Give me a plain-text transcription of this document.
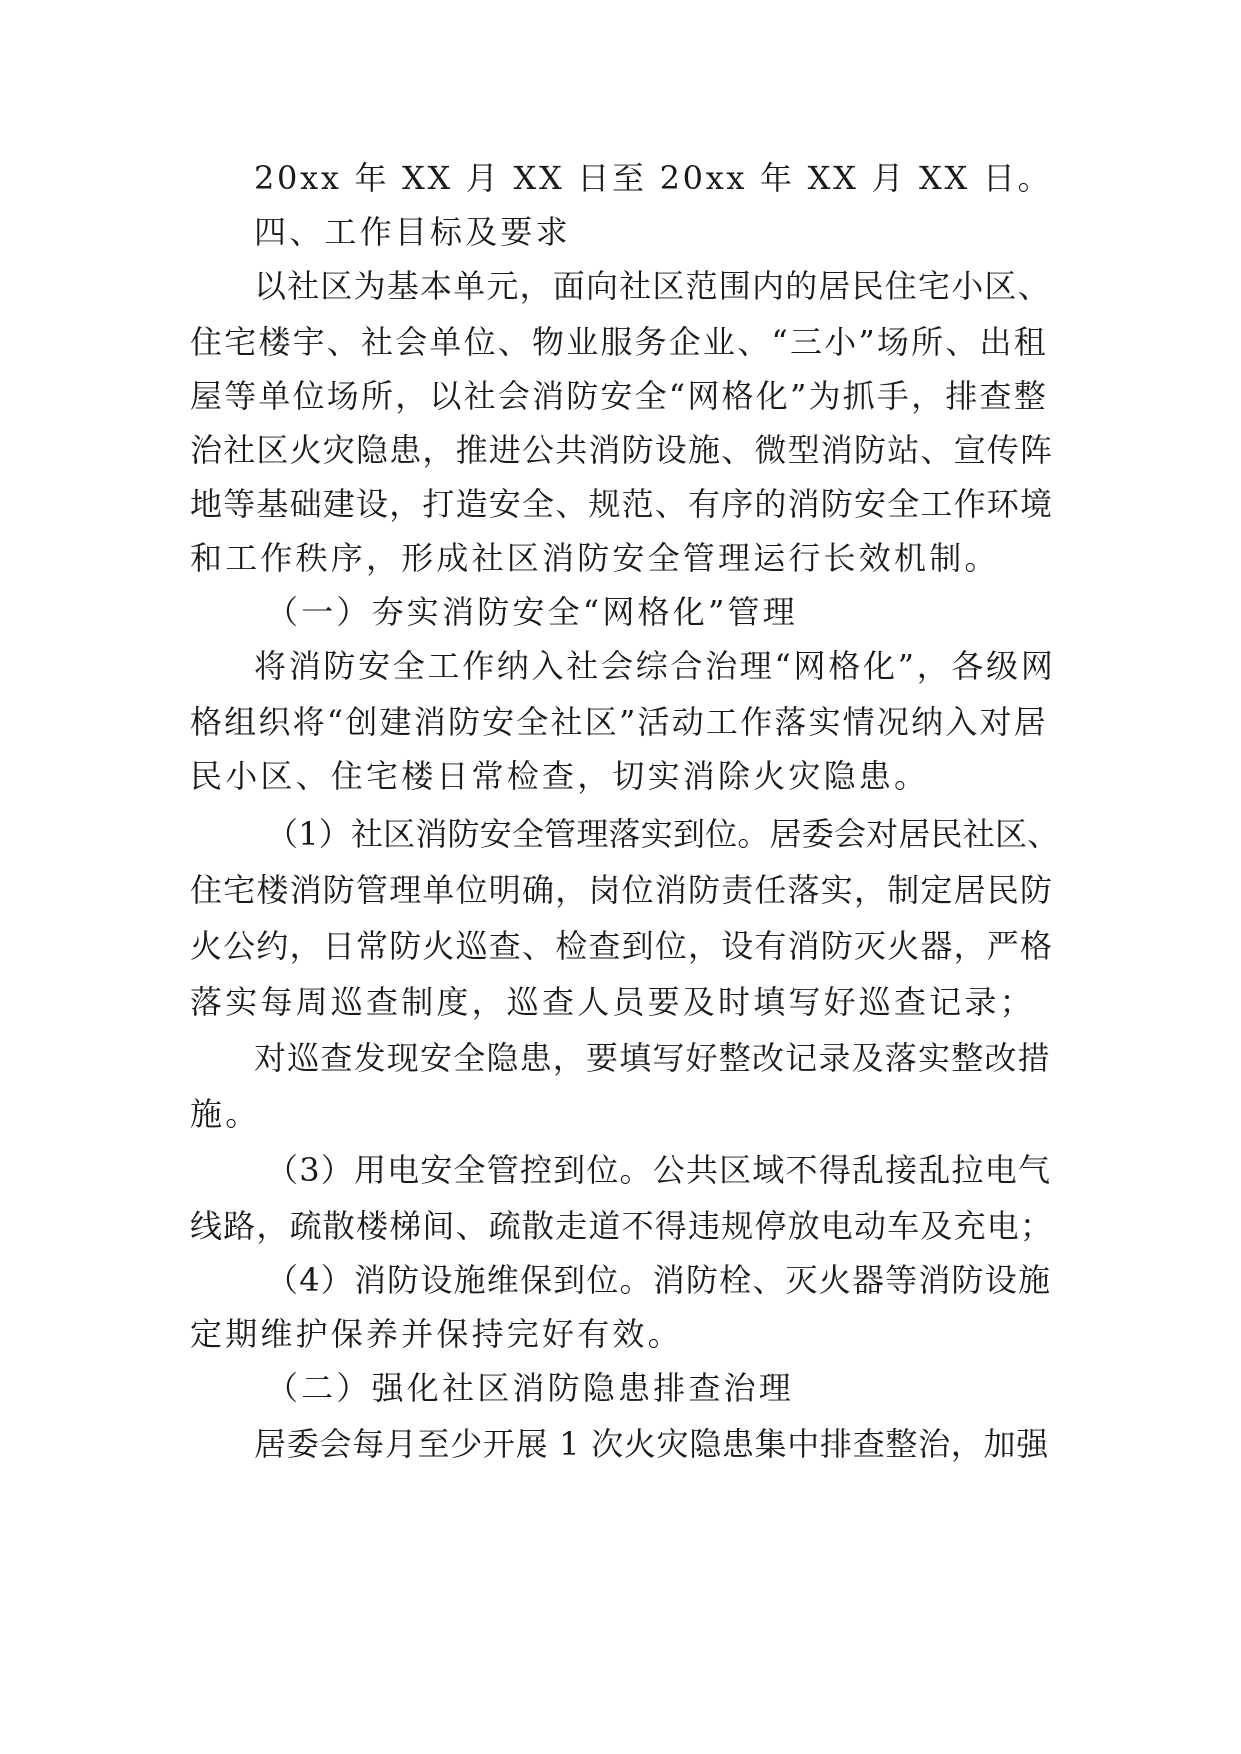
20xx 年 XX 月 XX 日至 20xx 年 XX 月 XX 日。
四、工作目标及要求
以社区为基本单元，面向社区范围内的居民住宅小区、
住宅楼宇、社会单位、物业服务企业、“三小”场所、出租
屋等单位场所，以社会消防安全“网格化”为抓手，排查整
治社区火灾隐患，推进公共消防设施、微型消防站、宣传阵
地等基础建设，打造安全、规范、有序的消防安全工作环境
和工作秩序，形成社区消防安全管理运行长效机制。
（一）夯实消防安全“网格化”管理
将消防安全工作纳入社会综合治理“网格化”，各级网
格组织将“创建消防安全社区”活动工作落实情况纳入对居
民小区、住宅楼日常检查，切实消除火灾隐患。
（1）社区消防安全管理落实到位。居委会对居民社区、
住宅楼消防管理单位明确，岗位消防责任落实，制定居民防
火公约，日常防火巡查、检查到位，设有消防灭火器，严格
落实每周巡查制度，巡查人员要及时填写好巡查记录；
对巡查发现安全隐患，要填写好整改记录及落实整改措
施。
（3）用电安全管控到位。公共区域不得乱接乱拉电气
线路，疏散楼梯间、疏散走道不得违规停放电动车及充电；
（4）消防设施维保到位。消防栓、灭火器等消防设施
定期维护保养并保持完好有效。
（二）强化社区消防隐患排查治理
居委会每月至少开展 1 次火灾隐患集中排查整治，加强
